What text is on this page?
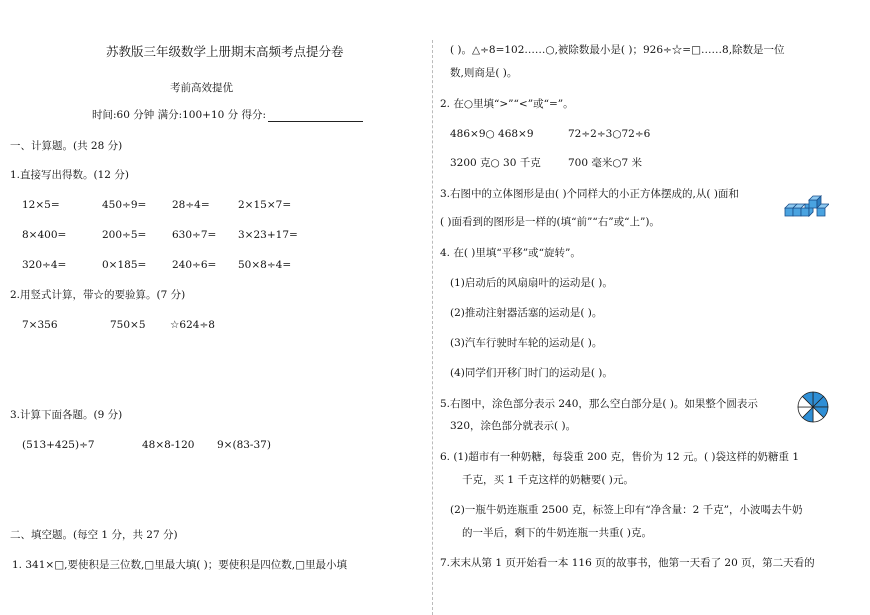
苏教版三年级数学上册期末高频考点提分卷
考前高效提优
时间:60 分钟 满分:100+10 分 得分:
一、计算题。(共 28 分)
1.直接写出得数。(12 分)
12×5=	450÷9= 28÷4=	2×15×7=
8×400=	200÷5= 630÷7= 3×23+17=
320÷4=	0×185= 240÷6= 50×8÷4=
2.用竖式计算，带☆的要验算。(7 分)
7×356	750×5 ☆624÷8
3.计算下面各题。(9 分)
(513+425)÷7	48×8-120 9×(83-37)
二、填空题。(每空 1 分，共 27 分)
1. 341×□,要使积是三位数,□里最大填( )；要使积是四位数,□里最小填
( )。△÷8=102……○,被除数最小是( )；926÷☆=□……8,除数是一位
数,则商是( )。
2. 在○里填“>”“<”或“=”。
486×9○ 468×9	72÷2÷3○72÷6
3200 克○ 30 千克	700 毫米○7 米
3.右图中的立体图形是由( )个同样大的小正方体摆成的,从( )面和
( )面看到的图形是一样的(填“前”“右”或“上”)。
4. 在( )里填“平移”或“旋转”。
(1)启动后的风扇扇叶的运动是( )。
(2)推动注射器活塞的运动是( )。
(3)汽车行驶时车轮的运动是( )。
(4)同学们开移门时门的运动是( )。
5.右图中，涂色部分表示 240，那么空白部分是( )。如果整个圆表示
320，涂色部分就表示( )。
6. (1)超市有一种奶糖，每袋重 200 克，售价为 12 元。( )袋这样的奶糖重 1
千克，买 1 千克这样的奶糖要( )元。
(2)一瓶牛奶连瓶重 2500 克，标签上印有“净含量：2 千克”，小波喝去牛奶
的一半后，剩下的牛奶连瓶一共重( )克。
7.末末从第 1 页开始看一本 116 页的故事书，他第一天看了 20 页，第二天看的
